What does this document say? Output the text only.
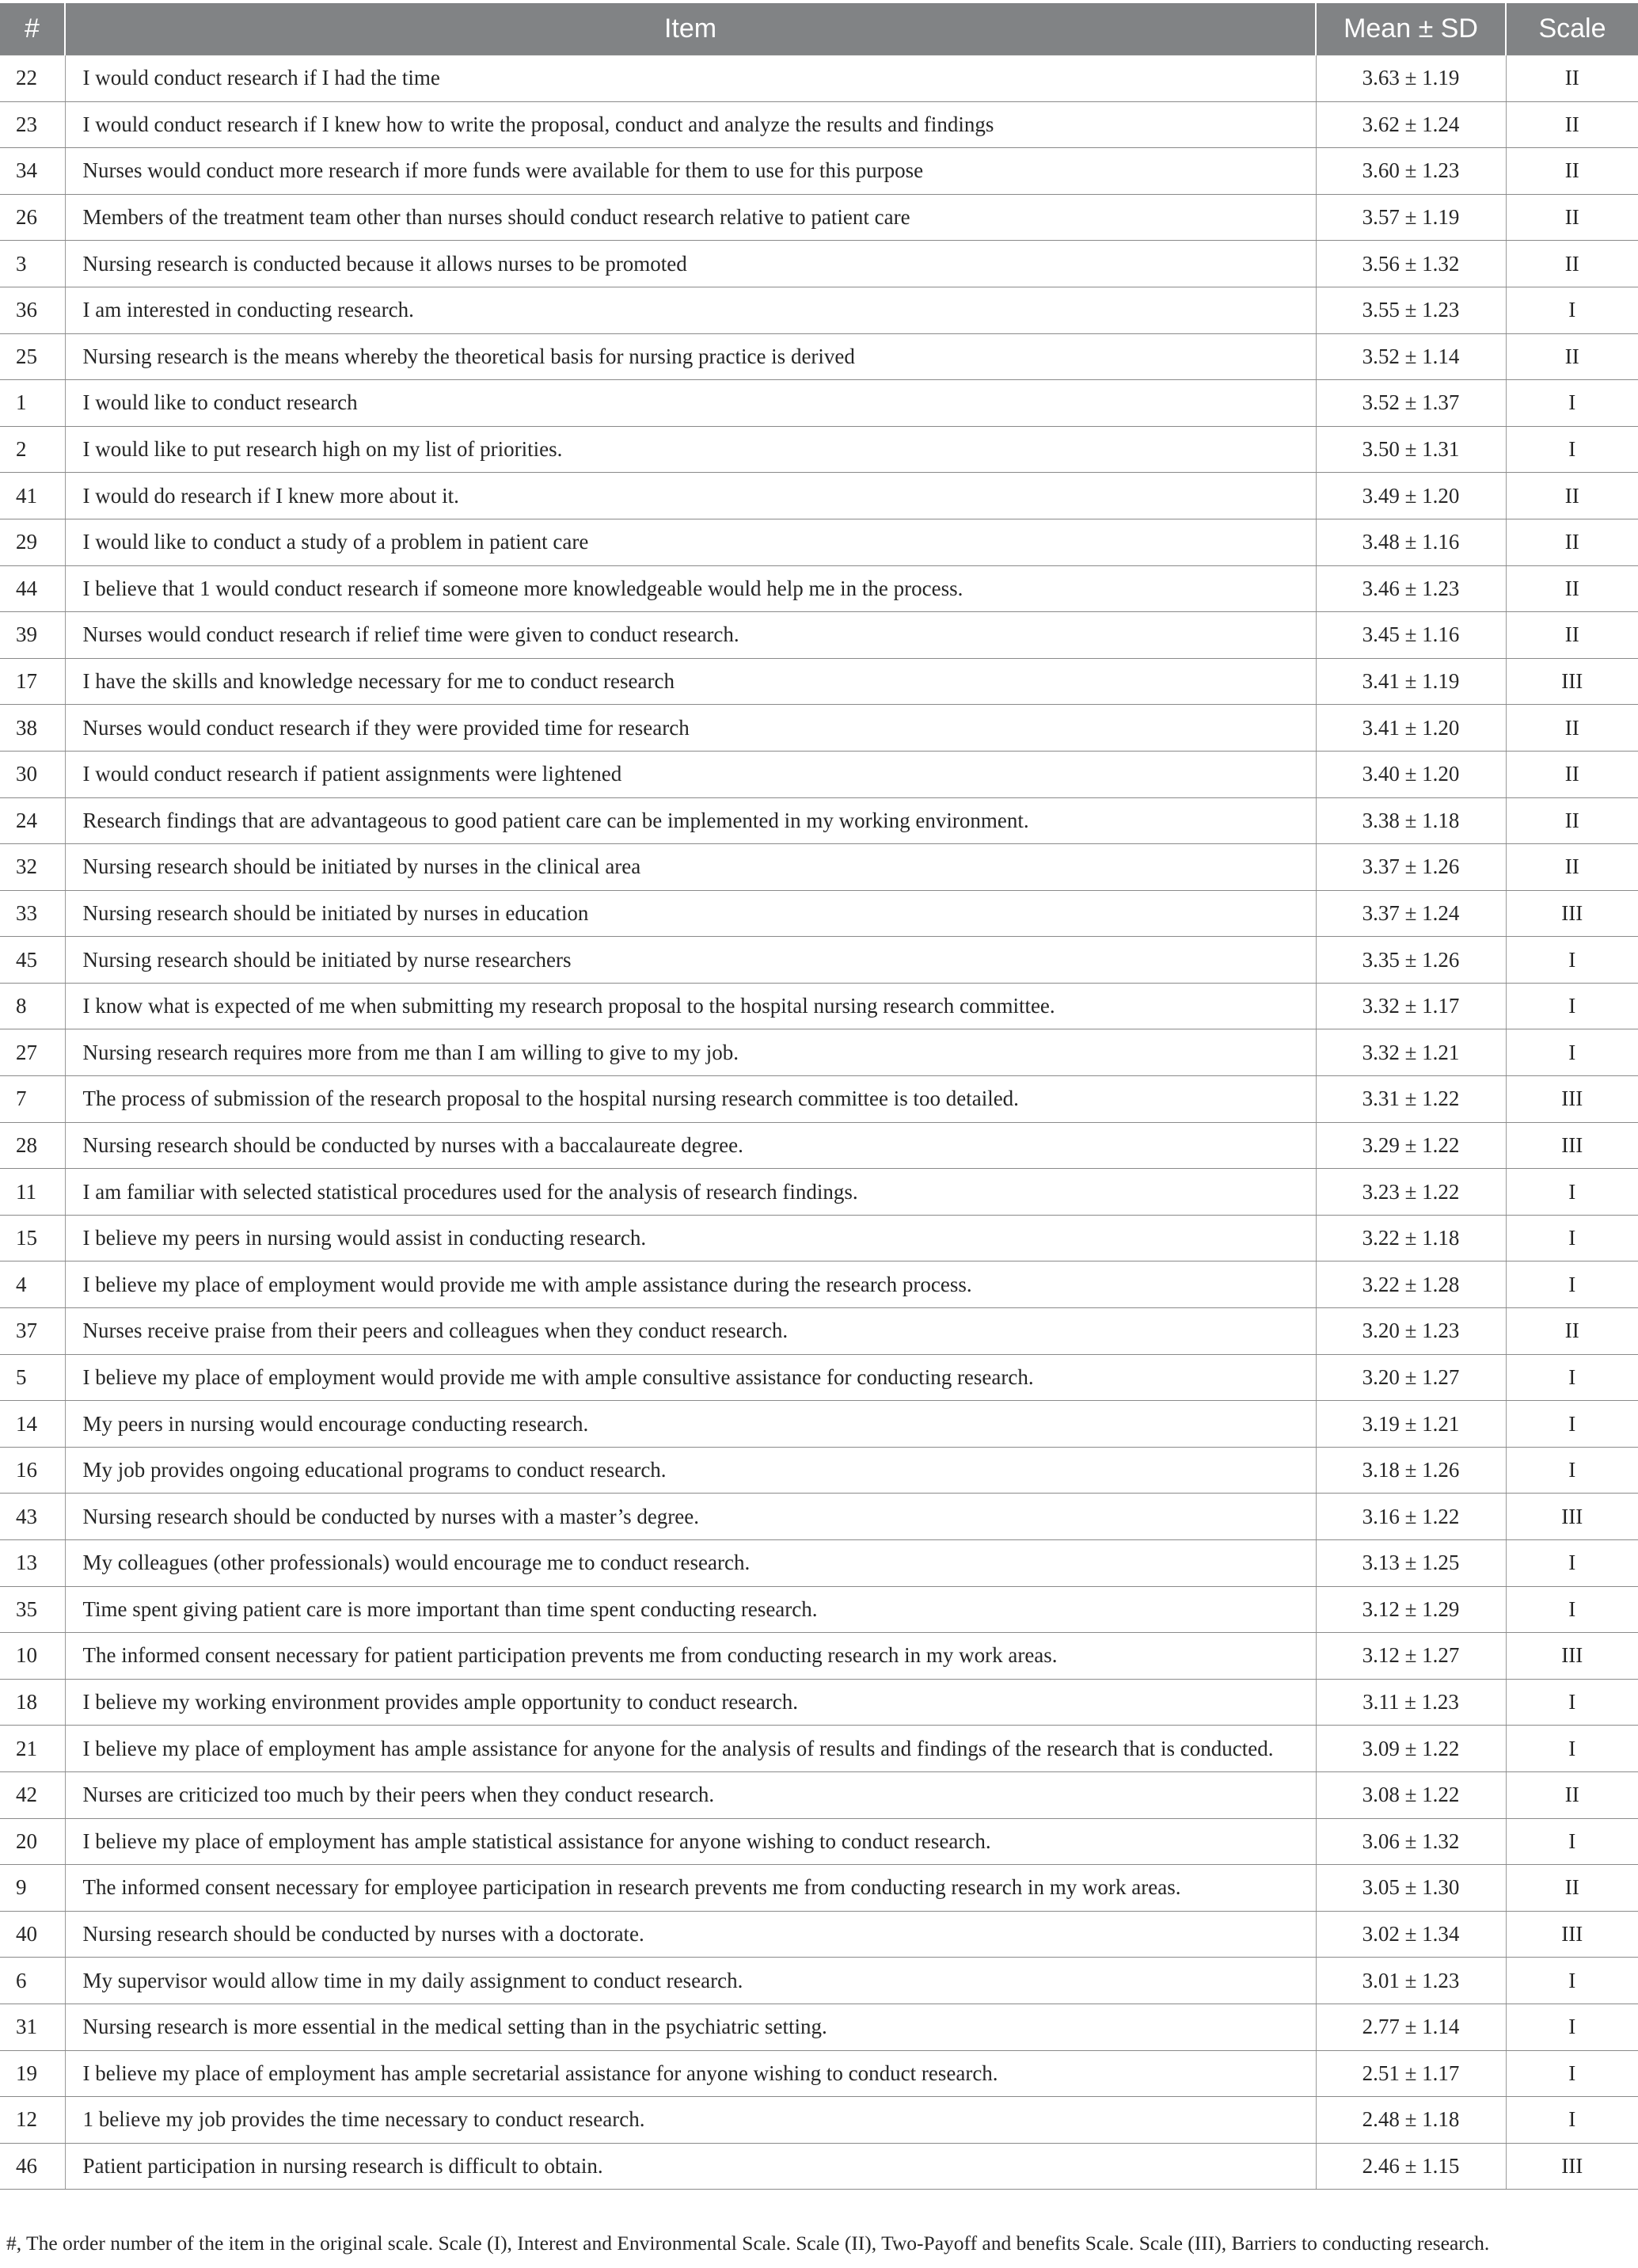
#	Item	Mean ± SD	Scale
22	I would conduct research if I had the time	3.63 ± 1.19	II
23	I would conduct research if I knew how to write the proposal, conduct and analyze the results and findings	3.62 ± 1.24	II
34	Nurses would conduct more research if more funds were available for them to use for this purpose	3.60 ± 1.23	II
26	Members of the treatment team other than nurses should conduct research relative to patient care	3.57 ± 1.19	II
3	Nursing research is conducted because it allows nurses to be promoted	3.56 ± 1.32	II
36	I am interested in conducting research.	3.55 ± 1.23	I
25	Nursing research is the means whereby the theoretical basis for nursing practice is derived	3.52 ± 1.14	II
1	I would like to conduct research	3.52 ± 1.37	I
2	I would like to put research high on my list of priorities.	3.50 ± 1.31	I
41	I would do research if I knew more about it.	3.49 ± 1.20	II
29	I would like to conduct a study of a problem in patient care	3.48 ± 1.16	II
44	I believe that 1 would conduct research if someone more knowledgeable would help me in the process.	3.46 ± 1.23	II
39	Nurses would conduct research if relief time were given to conduct research.	3.45 ± 1.16	II
17	I have the skills and knowledge necessary for me to conduct research	3.41 ± 1.19	III
38	Nurses would conduct research if they were provided time for research	3.41 ± 1.20	II
30	I would conduct research if patient assignments were lightened	3.40 ± 1.20	II
24	Research findings that are advantageous to good patient care can be implemented in my working environment.	3.38 ± 1.18	II
32	Nursing research should be initiated by nurses in the clinical area	3.37 ± 1.26	II
33	Nursing research should be initiated by nurses in education	3.37 ± 1.24	III
45	Nursing research should be initiated by nurse researchers	3.35 ± 1.26	I
8	I know what is expected of me when submitting my research proposal to the hospital nursing research committee.	3.32 ± 1.17	I
27	Nursing research requires more from me than I am willing to give to my job.	3.32 ± 1.21	I
7	The process of submission of the research proposal to the hospital nursing research committee is too detailed.	3.31 ± 1.22	III
28	Nursing research should be conducted by nurses with a baccalaureate degree.	3.29 ± 1.22	III
11	I am familiar with selected statistical procedures used for the analysis of research findings.	3.23 ± 1.22	I
15	I believe my peers in nursing would assist in conducting research.	3.22 ± 1.18	I
4	I believe my place of employment would provide me with ample assistance during the research process.	3.22 ± 1.28	I
37	Nurses receive praise from their peers and colleagues when they conduct research.	3.20 ± 1.23	II
5	I believe my place of employment would provide me with ample consultive assistance for conducting research.	3.20 ± 1.27	I
14	My peers in nursing would encourage conducting research.	3.19 ± 1.21	I
16	My job provides ongoing educational programs to conduct research.	3.18 ± 1.26	I
43	Nursing research should be conducted by nurses with a master’s degree.	3.16 ± 1.22	III
13	My colleagues (other professionals) would encourage me to conduct research.	3.13 ± 1.25	I
35	Time spent giving patient care is more important than time spent conducting research.	3.12 ± 1.29	I
10	The informed consent necessary for patient participation prevents me from conducting research in my work areas.	3.12 ± 1.27	III
18	I believe my working environment provides ample opportunity to conduct research.	3.11 ± 1.23	I
21	I believe my place of employment has ample assistance for anyone for the analysis of results and findings of the research that is conducted.	3.09 ± 1.22	I
42	Nurses are criticized too much by their peers when they conduct research.	3.08 ± 1.22	II
20	I believe my place of employment has ample statistical assistance for anyone wishing to conduct research.	3.06 ± 1.32	I
9	The informed consent necessary for employee participation in research prevents me from conducting research in my work areas.	3.05 ± 1.30	II
40	Nursing research should be conducted by nurses with a doctorate.	3.02 ± 1.34	III
6	My supervisor would allow time in my daily assignment to conduct research.	3.01 ± 1.23	I
31	Nursing research is more essential in the medical setting than in the psychiatric setting.	2.77 ± 1.14	I
19	I believe my place of employment has ample secretarial assistance for anyone wishing to conduct research.	2.51 ± 1.17	I
12	1 believe my job provides the time necessary to conduct research.	2.48 ± 1.18	I
46	Patient participation in nursing research is difficult to obtain.	2.46 ± 1.15	III
#, The order number of the item in the original scale. Scale (I), Interest and Environmental Scale. Scale (II), Two-Payoff and benefits Scale. Scale (III), Barriers to conducting research.
